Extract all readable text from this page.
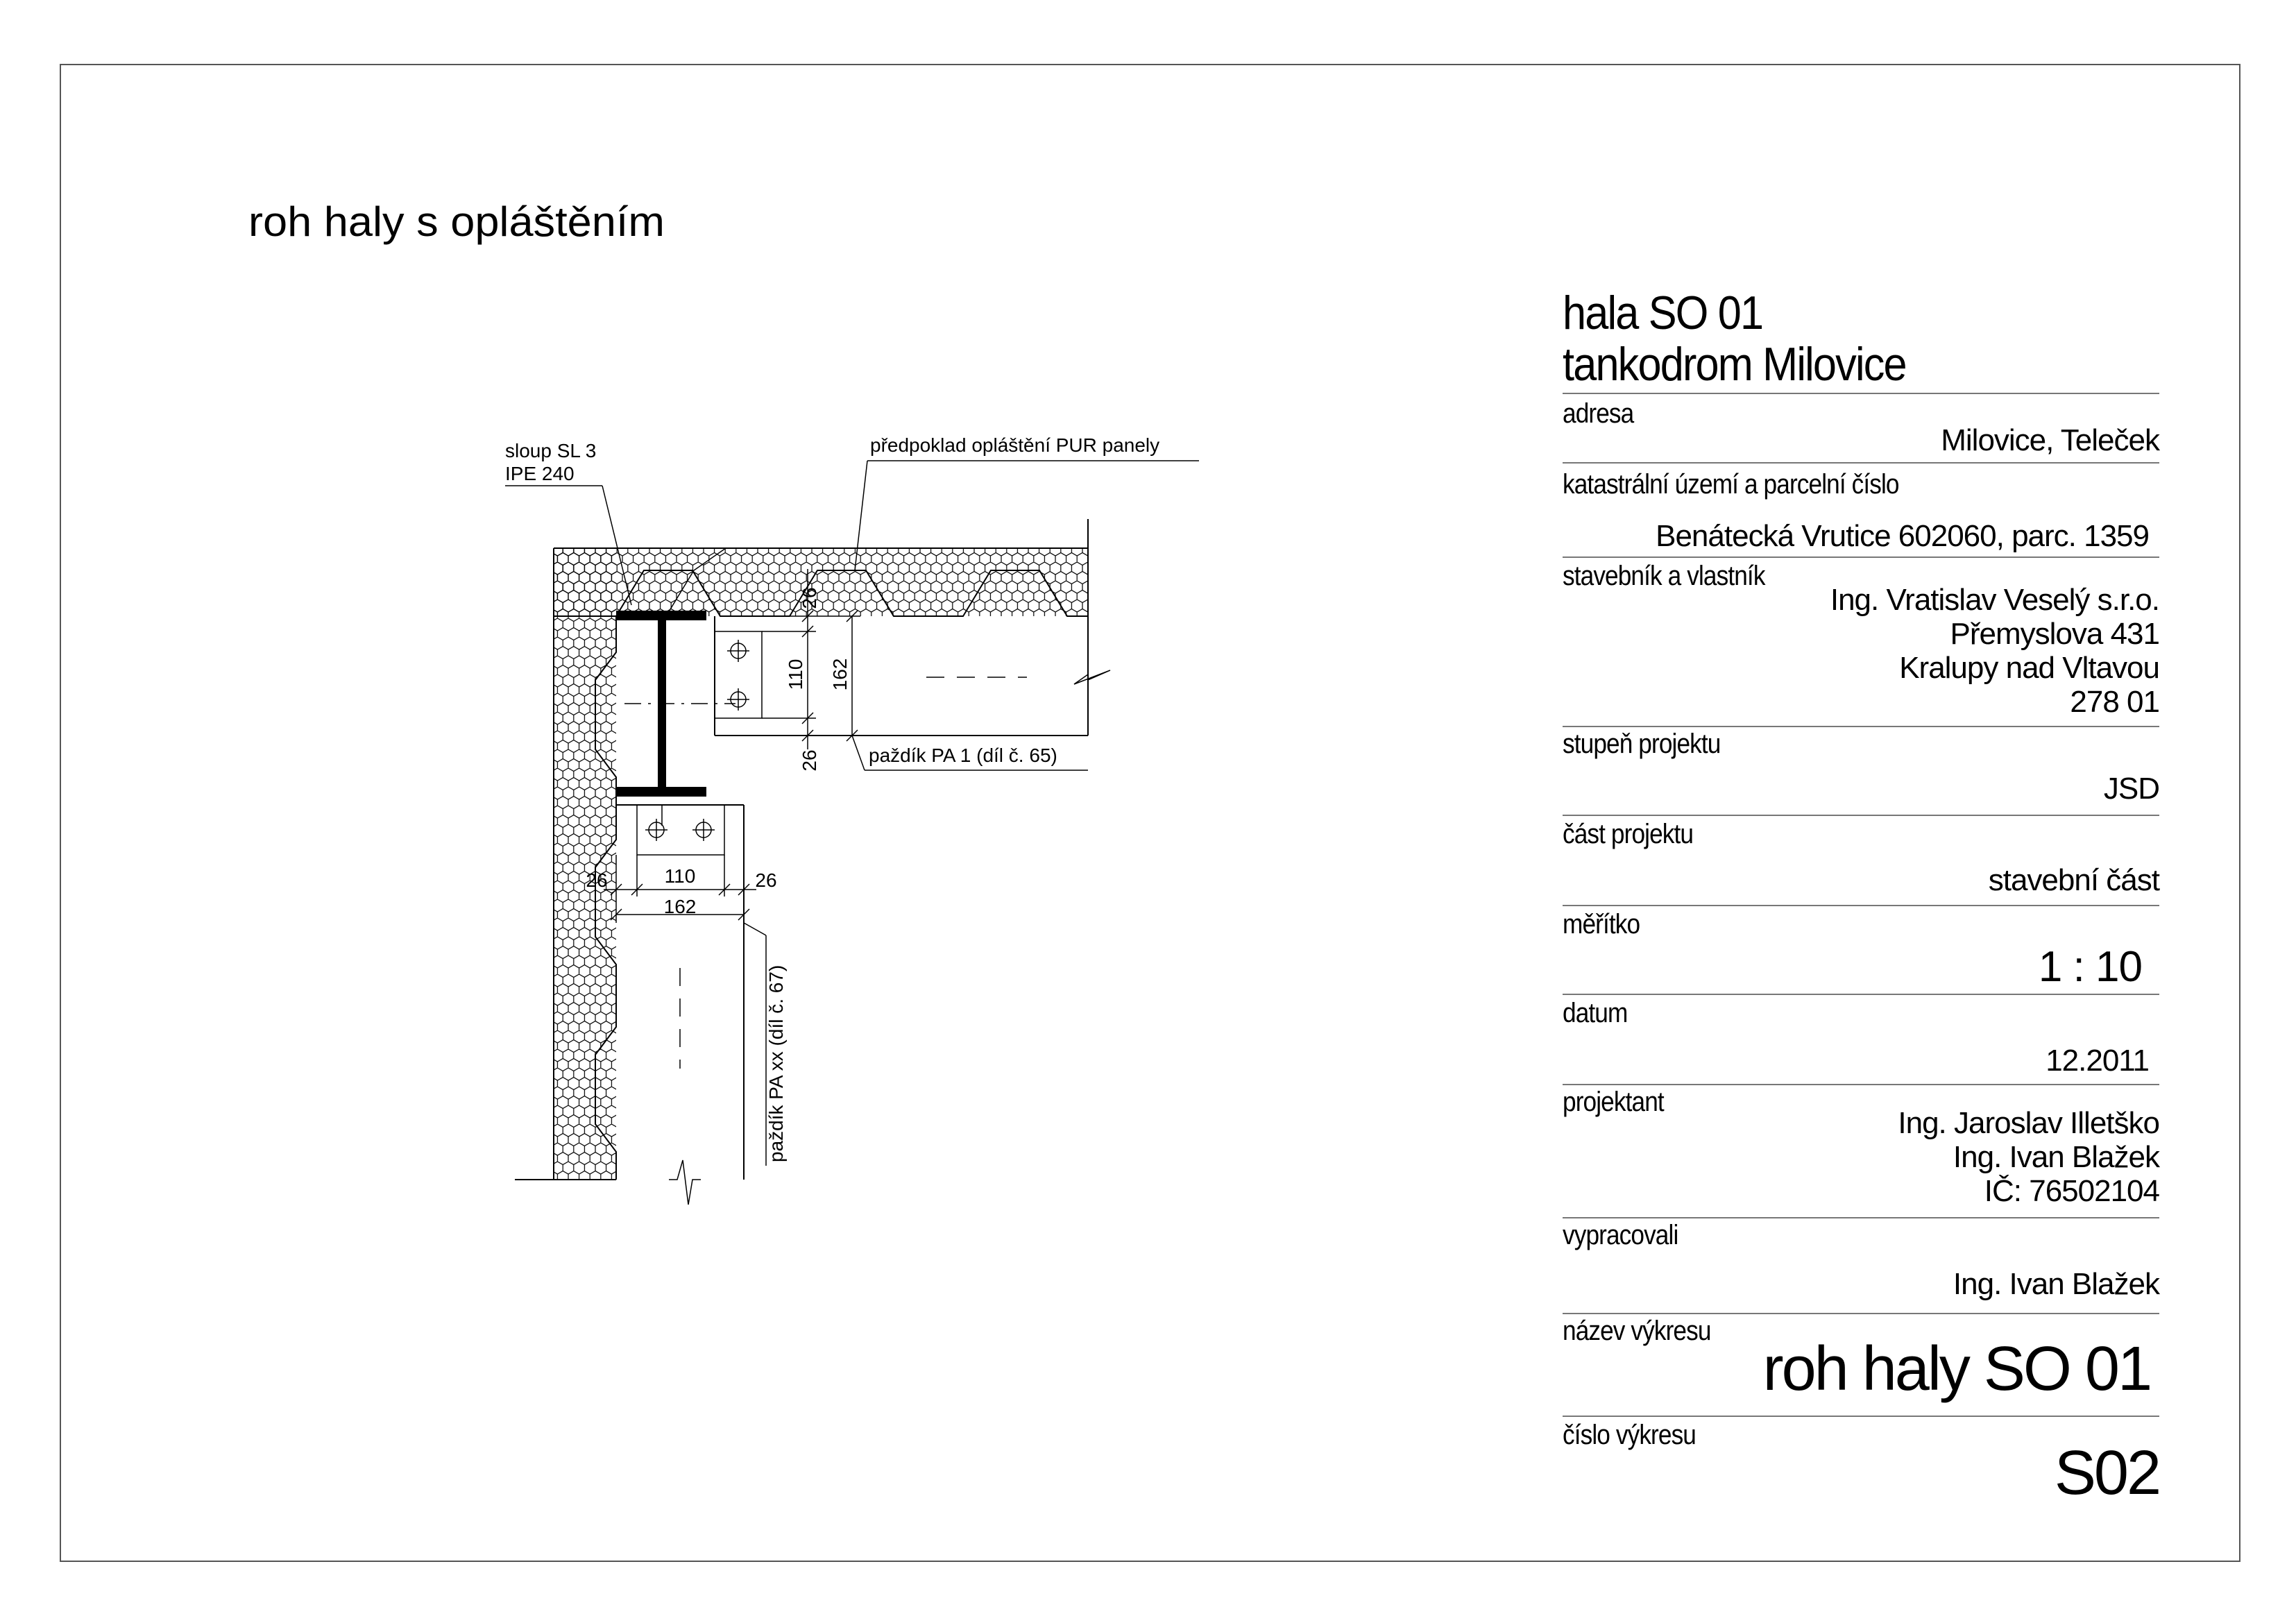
roh haly s opláštěním
26
110 162
26
26	110	26
162
sloup SL 3
IPE 240
předpoklad opláštění PUR panely
paždík PA 1 (díl č. 65)
paždík PA xx (díl č. 67)
hala SO 01
tankodrom Milovice
adresa
Milovice, Teleček
katastrální území a parcelní číslo
Benátecká Vrutice 602060, parc. 1359
stavebník a vlastník
Ing. Vratislav Veselý s.r.o.
Přemyslova 431
Kralupy nad Vltavou
278 01
stupeň projektu
JSD
část projektu
stavební část
měřítko
1 : 10
datum
12.2011
projektant
Ing. Jaroslav Illetško
Ing. Ivan Blažek
IČ: 76502104
vypracovali
Ing. Ivan Blažek
název výkresu
roh haly SO 01
číslo výkresu
S02
